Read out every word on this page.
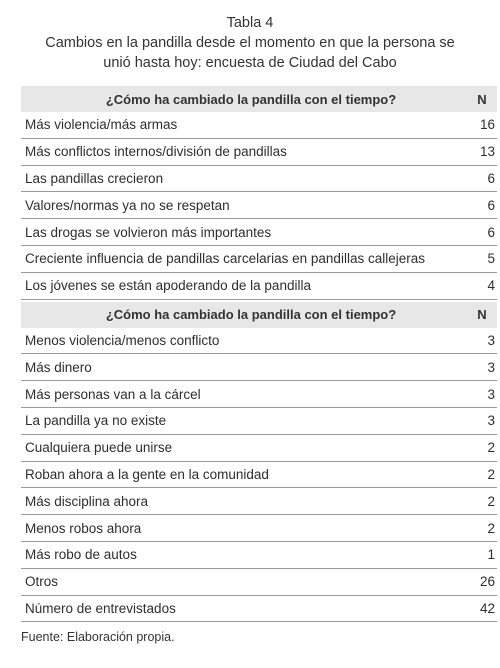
Tabla 4
Cambios en la pandilla desde el momento en que la persona se unió hasta hoy: encuesta de Ciudad del Cabo
¿Cómo ha cambiado la pandilla con el tiempo?	N
Más violencia/más armas	16
Más conflictos internos/división de pandillas	13
Las pandillas crecieron	6
Valores/normas ya no se respetan	6
Las drogas se volvieron más importantes	6
Creciente influencia de pandillas carcelarias en pandillas callejeras	5
Los jóvenes se están apoderando de la pandilla	4
¿Cómo ha cambiado la pandilla con el tiempo?	N
Menos violencia/menos conflicto	3
Más dinero	3
Más personas van a la cárcel	3
La pandilla ya no existe	3
Cualquiera puede unirse	2
Roban ahora a la gente en la comunidad	2
Más disciplina ahora	2
Menos robos ahora	2
Más robo de autos	1
Otros	26
Número de entrevistados	42
Fuente: Elaboración propia.
